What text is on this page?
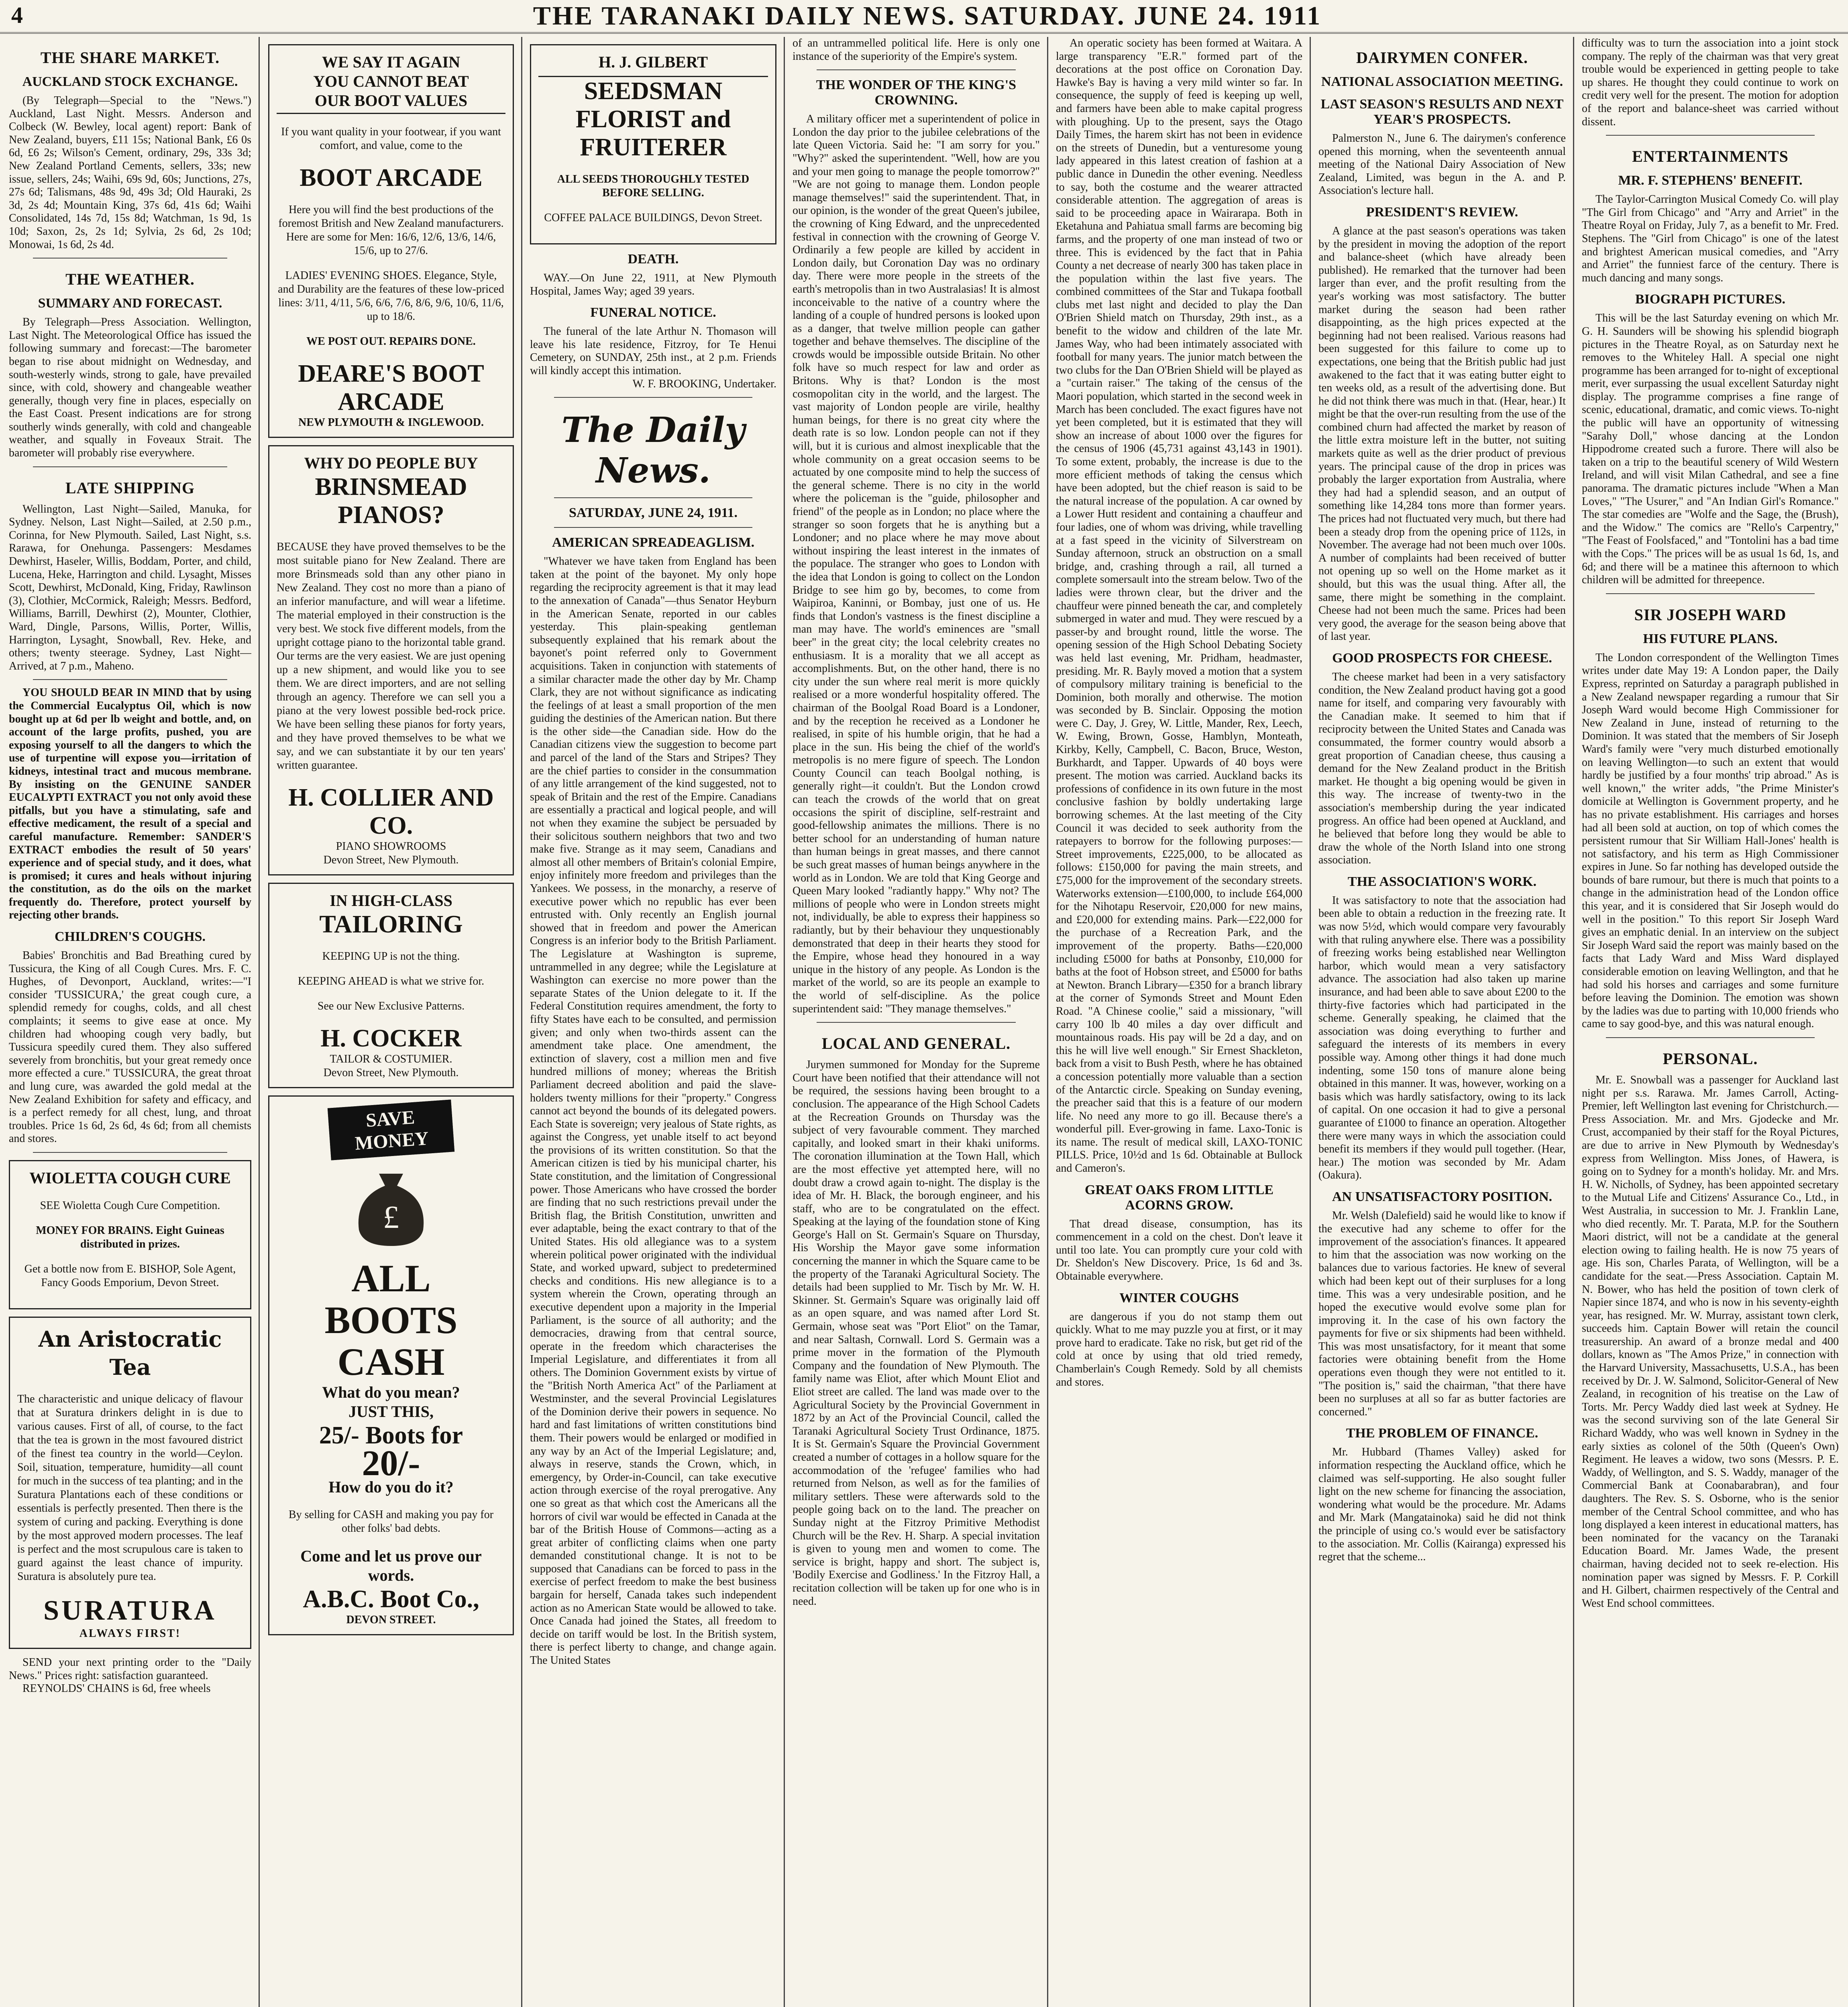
4	THE TARANAKI DAILY NEWS. SATURDAY. JUNE 24. 1911
THE SHARE MARKET.
AUCKLAND STOCK EXCHANGE.

(By Telegraph—Special to the "News.") Auckland, Last Night. Messrs. Anderson and Colbeck (W. Bewley, local agent) report: Bank of New Zealand, buyers, £11 15s; National Bank, £6 0s 6d, £6 2s; Wilson's Cement, ordinary, 29s, 33s 3d; New Zealand Portland Cements, sellers, 33s; new issue, sellers, 24s; Waihi, 69s 9d, 60s; Junctions, 27s, 27s 6d; Talismans, 48s 9d, 49s 3d; Old Hauraki, 2s 3d, 2s 4d; Mountain King, 37s 6d, 41s 6d; Waihi Consolidated, 14s 7d, 15s 8d; Watchman, 1s 9d, 1s 10d; Saxon, 2s, 2s 1d; Sylvia, 2s 6d, 2s 10d; Monowai, 1s 6d, 2s 4d.

THE WEATHER.
SUMMARY AND FORECAST.

By Telegraph—Press Association. Wellington, Last Night. The Meteorological Office has issued the following summary and forecast:—The barometer began to rise about midnight on Wednesday, and south-westerly winds, strong to gale, have prevailed since, with cold, showery and changeable weather generally, though very fine in places, especially on the East Coast. Present indications are for strong southerly winds generally, with cold and changeable weather, and squally in Foveaux Strait. The barometer will probably rise everywhere.

LATE SHIPPING

Wellington, Last Night—Sailed, Manuka, for Sydney. Nelson, Last Night—Sailed, at 2.50 p.m., Corinna, for New Plymouth. Sailed, Last Night, s.s. Rarawa, for Onehunga. Passengers: Mesdames Dewhirst, Haseler, Willis, Boddam, Porter, and child, Lucena, Heke, Harrington and child. Lysaght, Misses Scott, Dewhirst, McDonald, King, Friday, Rawlinson (3), Clothier, McCormick, Raleigh; Messrs. Bedford, Williams, Barrill, Dewhirst (2), Mounter, Clothier, Ward, Dingle, Parsons, Willis, Porter, Willis, Harrington, Lysaght, Snowball, Rev. Heke, and others; twenty steerage. Sydney, Last Night—Arrived, at 7 p.m., Maheno.

YOU SHOULD BEAR IN MIND that by using the Commercial Eucalyptus Oil, which is now bought up at 6d per lb weight and bottle, and, on account of the large profits, pushed, you are exposing yourself to all the dangers to which the use of turpentine will expose you—irritation of kidneys, intestinal tract and mucous membrane. By insisting on the GENUINE SANDER EUCALYPTI EXTRACT you not only avoid these pitfalls, but you have a stimulating, safe and effective medicament, the result of a special and careful manufacture. Remember: SANDER'S EXTRACT embodies the result of 50 years' experience and of special study, and it does, what is promised; it cures and heals without injuring the constitution, as do the oils on the market frequently do. Therefore, protect yourself by rejecting other brands.

CHILDREN'S COUGHS.

Babies' Bronchitis and Bad Breathing cured by Tussicura, the King of all Cough Cures. Mrs. F. C. Hughes, of Devonport, Auckland, writes:—"I consider 'TUSSICURA,' the great cough cure, a splendid remedy for coughs, colds, and all chest complaints; it seems to give ease at once. My children had whooping cough very badly, but Tussicura speedily cured them. They also suffered severely from bronchitis, but your great remedy once more effected a cure." TUSSICURA, the great throat and lung cure, was awarded the gold medal at the New Zealand Exhibition for safety and efficacy, and is a perfect remedy for all chest, lung, and throat troubles. Price 1s 6d, 2s 6d, 4s 6d; from all chemists and stores.

WIOLETTA COUGH CURE

SEE Wioletta Cough Cure Competition.

MONEY FOR BRAINS. Eight Guineas distributed in prizes.

Get a bottle now from E. BISHOP, Sole Agent, Fancy Goods Emporium, Devon Street.

An Aristocratic Tea

The characteristic and unique delicacy of flavour that at Suratura drinkers delight in is due to various causes. First of all, of course, to the fact that the tea is grown in the most favoured district of the finest tea country in the world—Ceylon. Soil, situation, temperature, humidity—all count for much in the success of tea planting; and in the Suratura Plantations each of these conditions or essentials is perfectly presented. Then there is the system of curing and packing. Everything is done by the most approved modern processes. The leaf is perfect and the most scrupulous care is taken to guard against the least chance of impurity. Suratura is absolutely pure tea.

SURATURA
ALWAYS FIRST!

SEND your next printing order to the "Daily News." Prices right: satisfaction guaranteed.

REYNOLDS' CHAINS is 6d, free wheels

WE SAY IT AGAIN
YOU CANNOT BEAT
OUR BOOT VALUES

If you want quality in your footwear, if you want comfort, and value, come to the

BOOT ARCADE

Here you will find the best productions of the foremost British and New Zealand manufacturers. Here are some for Men: 16/6, 12/6, 13/6, 14/6, 15/6, up to 27/6.

LADIES' EVENING SHOES. Elegance, Style, and Durability are the features of these low-priced lines: 3/11, 4/11, 5/6, 6/6, 7/6, 8/6, 9/6, 10/6, 11/6, up to 18/6.

WE POST OUT. REPAIRS DONE.

DEARE'S BOOT ARCADE
NEW PLYMOUTH & INGLEWOOD.
WHY DO PEOPLE BUY
BRINSMEAD PIANOS?

BECAUSE they have proved themselves to be the most suitable piano for New Zealand. There are more Brinsmeads sold than any other piano in New Zealand. They cost no more than a piano of an inferior manufacture, and will wear a lifetime. The material employed in their construction is the very best. We stock five different models, from the upright cottage piano to the horizontal table grand. Our terms are the very easiest. We are just opening up a new shipment, and would like you to see them. We are direct importers, and are not selling through an agency. Therefore we can sell you a piano at the very lowest possible bed-rock price. We have been selling these pianos for forty years, and they have proved themselves to be what we say, and we can substantiate it by our ten years' written guarantee.

H. COLLIER AND CO.
PIANO SHOWROOMS
Devon Street, New Plymouth.
IN HIGH-CLASS
TAILORING

KEEPING UP is not the thing.

KEEPING AHEAD is what we strive for.

See our New Exclusive Patterns.

H. COCKER
TAILOR & COSTUMIER.
Devon Street, New Plymouth.
SAVE MONEY
£
ALL
BOOTS
CASH
What do you mean?
JUST THIS,
25/- Boots for
20/-
How do you do it?

By selling for CASH and making you pay for other folks' bad debts.

Come and let us prove our words.
A.B.C. Boot Co.,
DEVON STREET.
H. J. GILBERT
SEEDSMAN
FLORIST and
FRUITERER

ALL SEEDS THOROUGHLY TESTED BEFORE SELLING.

COFFEE PALACE BUILDINGS, Devon Street.

DEATH.

WAY.—On June 22, 1911, at New Plymouth Hospital, James Way; aged 39 years.

FUNERAL NOTICE.

The funeral of the late Arthur N. Thomason will leave his late residence, Fitzroy, for Te Henui Cemetery, on SUNDAY, 25th inst., at 2 p.m. Friends will kindly accept this intimation.

W. F. BROOKING, Undertaker.

The Daily News.
SATURDAY, JUNE 24, 1911.
AMERICAN SPREADEAGLISM.

"Whatever we have taken from England has been taken at the point of the bayonet. My only hope regarding the reciprocity agreement is that it may lead to the annexation of Canada"—thus Senator Heyburn in the American Senate, reported in our cables yesterday. This plain-speaking gentleman subsequently explained that his remark about the bayonet's point referred only to Government acquisitions. Taken in conjunction with statements of a similar character made the other day by Mr. Champ Clark, they are not without significance as indicating the feelings of at least a small proportion of the men guiding the destinies of the American nation. But there is the other side—the Canadian side. How do the Canadian citizens view the suggestion to become part and parcel of the land of the Stars and Stripes? They are the chief parties to consider in the consummation of any little arrangement of the kind suggested, not to speak of Britain and the rest of the Empire. Canadians are essentially a practical and logical people, and will not when they examine the subject be persuaded by their solicitous southern neighbors that two and two make five. Strange as it may seem, Canadians and almost all other members of Britain's colonial Empire, enjoy infinitely more freedom and privileges than the Yankees. We possess, in the monarchy, a reserve of executive power which no republic has ever been entrusted with. Only recently an English journal showed that in freedom and power the American Congress is an inferior body to the British Parliament. The Legislature at Washington is supreme, untrammelled in any degree; while the Legislature at Washington can exercise no more power than the separate States of the Union delegate to it. If the Federal Constitution requires amendment, the forty to fifty States have each to be consulted, and permission given; and only when two-thirds assent can the amendment take place. One amendment, the extinction of slavery, cost a million men and five hundred millions of money; whereas the British Parliament decreed abolition and paid the slave-holders twenty millions for their "property." Congress cannot act beyond the bounds of its delegated powers. Each State is sovereign; very jealous of State rights, as against the Congress, yet unable itself to act beyond the provisions of its written constitution. So that the American citizen is tied by his municipal charter, his State constitution, and the limitation of Congressional power. Those Americans who have crossed the border are finding that no such restrictions prevail under the British flag, the British Constitution, unwritten and ever adaptable, being the exact contrary to that of the United States. His old allegiance was to a system wherein political power originated with the individual State, and worked upward, subject to predetermined checks and conditions. His new allegiance is to a system wherein the Crown, operating through an executive dependent upon a majority in the Imperial Parliament, is the source of all authority; and the democracies, drawing from that central source, operate in the freedom which characterises the Imperial Legislature, and differentiates it from all others. The Dominion Government exists by virtue of the "British North America Act" of the Parliament at Westminster, and the several Provincial Legislatures of the Dominion derive their powers in sequence. No hard and fast limitations of written constitutions bind them. Their powers would be enlarged or modified in any way by an Act of the Imperial Legislature; and, always in reserve, stands the Crown, which, in emergency, by Order-in-Council, can take executive action through exercise of the royal prerogative. Any one so great as that which cost the Americans all the horrors of civil war would be effected in Canada at the bar of the British House of Commons—acting as a great arbiter of conflicting claims when one party demanded constitutional change. It is not to be supposed that Canadians can be forced to pass in the exercise of perfect freedom to make the best business bargain for herself, Canada takes such independent action as no American State would be allowed to take. Once Canada had joined the States, all freedom to decide on tariff would be lost. In the British system, there is perfect liberty to change, and change again. The United States

of an untrammelled political life. Here is only one instance of the superiority of the Empire's system.

THE WONDER OF THE KING'S CROWNING.

A military officer met a superintendent of police in London the day prior to the jubilee celebrations of the late Queen Victoria. Said he: "I am sorry for you." "Why?" asked the superintendent. "Well, how are you and your men going to manage the people tomorrow?" "We are not going to manage them. London people manage themselves!" said the superintendent. That, in our opinion, is the wonder of the great Queen's jubilee, the crowning of King Edward, and the unprecedented festival in connection with the crowning of George V. Ordinarily a few people are killed by accident in London daily, but Coronation Day was no ordinary day. There were more people in the streets of the earth's metropolis than in two Australasias! It is almost inconceivable to the native of a country where the landing of a couple of hundred persons is looked upon as a danger, that twelve million people can gather together and behave themselves. The discipline of the crowds would be impossible outside Britain. No other folk have so much respect for law and order as Britons. Why is that? London is the most cosmopolitan city in the world, and the largest. The vast majority of London people are virile, healthy human beings, for there is no great city where the death rate is so low. London people can not if they will, but it is curious and almost inexplicable that the whole community on a great occasion seems to be actuated by one composite mind to help the success of the general scheme. There is no city in the world where the policeman is the "guide, philosopher and friend" of the people as in London; no place where the stranger so soon forgets that he is anything but a Londoner; and no place where he may move about without inspiring the least interest in the inmates of the populace. The stranger who goes to London with the idea that London is going to collect on the London Bridge to see him go by, becomes, to come from Waipiroa, Kaninni, or Bombay, just one of us. He finds that London's vastness is the finest discipline a man may have. The world's eminences are "small beer" in the great city; the local celebrity creates no enthusiasm. It is a morality that we all accept as accomplishments. But, on the other hand, there is no city under the sun where real merit is more quickly realised or a more wonderful hospitality offered. The chairman of the Boolgal Road Board is a Londoner, and by the reception he received as a Londoner he realised, in spite of his humble origin, that he had a place in the sun. His being the chief of the world's metropolis is no mere figure of speech. The London County Council can teach Boolgal nothing, is generally right—it couldn't. But the London crowd can teach the crowds of the world that on great occasions the spirit of discipline, self-restraint and good-fellowship animates the millions. There is no better school for an understanding of human nature than human beings in great masses, and there cannot be such great masses of human beings anywhere in the world as in London. We are told that King George and Queen Mary looked "radiantly happy." Why not? The millions of people who were in London streets might not, individually, be able to express their happiness so radiantly, but by their behaviour they unquestionably demonstrated that deep in their hearts they stood for the Empire, whose head they honoured in a way unique in the history of any people. As London is the market of the world, so are its people an example to the world of self-discipline. As the police superintendent said: "They manage themselves."

LOCAL AND GENERAL.

Jurymen summoned for Monday for the Supreme Court have been notified that their attendance will not be required, the sessions having been brought to a conclusion. The appearance of the High School Cadets at the Recreation Grounds on Thursday was the subject of very favourable comment. They marched capitally, and looked smart in their khaki uniforms. The coronation illumination at the Town Hall, which are the most effective yet attempted here, will no doubt draw a crowd again to-night. The display is the idea of Mr. H. Black, the borough engineer, and his staff, who are to be congratulated on the effect. Speaking at the laying of the foundation stone of King George's Hall on St. Germain's Square on Thursday, His Worship the Mayor gave some information concerning the manner in which the Square came to be the property of the Taranaki Agricultural Society. The details had been supplied to Mr. Tisch by Mr. W. H. Skinner. St. Germain's Square was originally laid off as an open square, and was named after Lord St. Germain, whose seat was "Port Eliot" on the Tamar, and near Saltash, Cornwall. Lord S. Germain was a prime mover in the formation of the Plymouth Company and the foundation of New Plymouth. The family name was Eliot, after which Mount Eliot and Eliot street are called. The land was made over to the Agricultural Society by the Provincial Government in 1872 by an Act of the Provincial Council, called the Taranaki Agricultural Society Trust Ordinance, 1875. It is St. Germain's Square the Provincial Government created a number of cottages in a hollow square for the accommodation of the 'refugee' families who had returned from Nelson, as well as for the families of military settlers. These were afterwards sold to the people going back on to the land. The preacher on Sunday night at the Fitzroy Primitive Methodist Church will be the Rev. H. Sharp. A special invitation is given to young men and women to come. The service is bright, happy and short. The subject is, 'Bodily Exercise and Godliness.' In the Fitzroy Hall, a recitation collection will be taken up for one who is in need.

An operatic society has been formed at Waitara. A large transparency "E.R." formed part of the decorations at the post office on Coronation Day. Hawke's Bay is having a very mild winter so far. In consequence, the supply of feed is keeping up well, and farmers have been able to make capital progress with ploughing. Up to the present, says the Otago Daily Times, the harem skirt has not been in evidence on the streets of Dunedin, but a venturesome young lady appeared in this latest creation of fashion at a public dance in Dunedin the other evening. Needless to say, both the costume and the wearer attracted considerable attention. The aggregation of areas is said to be proceeding apace in Wairarapa. Both in Eketahuna and Pahiatua small farms are becoming big farms, and the property of one man instead of two or three. This is evidenced by the fact that in Pahia County a net decrease of nearly 300 has taken place in the population within the last five years. The combined committees of the Star and Tukapa football clubs met last night and decided to play the Dan O'Brien Shield match on Thursday, 29th inst., as a benefit to the widow and children of the late Mr. James Way, who had been intimately associated with football for many years. The junior match between the two clubs for the Dan O'Brien Shield will be played as a "curtain raiser." The taking of the census of the Maori population, which started in the second week in March has been concluded. The exact figures have not yet been completed, but it is estimated that they will show an increase of about 1000 over the figures for the census of 1906 (45,731 against 43,143 in 1901). To some extent, probably, the increase is due to the more efficient methods of taking the census which have been adopted, but the chief reason is said to be the natural increase of the population. A car owned by a Lower Hutt resident and containing a chauffeur and four ladies, one of whom was driving, while travelling at a fast speed in the vicinity of Silverstream on Sunday afternoon, struck an obstruction on a small bridge, and, crashing through a rail, all turned a complete somersault into the stream below. Two of the ladies were thrown clear, but the driver and the chauffeur were pinned beneath the car, and completely submerged in water and mud. They were rescued by a passer-by and brought round, little the worse. The opening session of the High School Debating Society was held last evening, Mr. Pridham, headmaster, presiding. Mr. R. Bayly moved a motion that a system of compulsory military training is beneficial to the Dominion, both morally and otherwise. The motion was seconded by B. Sinclair. Opposing the motion were C. Day, J. Grey, W. Little, Mander, Rex, Leech, W. Ewing, Brown, Gosse, Hamblyn, Monteath, Kirkby, Kelly, Campbell, C. Bacon, Bruce, Weston, Burkhardt, and Tapper. Upwards of 40 boys were present. The motion was carried. Auckland backs its professions of confidence in its own future in the most conclusive fashion by boldly undertaking large borrowing schemes. At the last meeting of the City Council it was decided to seek authority from the ratepayers to borrow for the following purposes:—Street improvements, £225,000, to be allocated as follows: £150,000 for paving the main streets, and £75,000 for the improvement of the secondary streets. Waterworks extension—£100,000, to include £64,000 for the Nihotapu Reservoir, £20,000 for new mains, and £20,000 for extending mains. Park—£22,000 for the purchase of a Recreation Park, and the improvement of the property. Baths—£20,000 including £5000 for baths at Ponsonby, £10,000 for baths at the foot of Hobson street, and £5000 for baths at Newton. Branch Library—£350 for a branch library at the corner of Symonds Street and Mount Eden Road. "A Chinese coolie," said a missionary, "will carry 100 lb 40 miles a day over difficult and mountainous roads. His pay will be 2d a day, and on this he will live well enough." Sir Ernest Shackleton, back from a visit to Bush Pesth, where he has obtained a concession potentially more valuable than a section of the Antarctic circle. Speaking on Sunday evening, the preacher said that this is a feature of our modern life. No need any more to go ill. Because there's a wonderful pill. Ever-growing in fame. Laxo-Tonic is its name. The result of medical skill, LAXO-TONIC PILLS. Price, 10½d and 1s 6d. Obtainable at Bullock and Cameron's.

GREAT OAKS FROM LITTLE ACORNS GROW.

That dread disease, consumption, has its commencement in a cold on the chest. Don't leave it until too late. You can promptly cure your cold with Dr. Sheldon's New Discovery. Price, 1s 6d and 3s. Obtainable everywhere.

WINTER COUGHS

are dangerous if you do not stamp them out quickly. What to me may puzzle you at first, or it may prove hard to eradicate. Take no risk, but get rid of the cold at once by using that old tried remedy, Chamberlain's Cough Remedy. Sold by all chemists and stores.

DAIRYMEN CONFER.
NATIONAL ASSOCIATION MEETING.
LAST SEASON'S RESULTS AND NEXT YEAR'S PROSPECTS.

Palmerston N., June 6. The dairymen's conference opened this morning, when the seventeenth annual meeting of the National Dairy Association of New Zealand, Limited, was begun in the A. and P. Association's lecture hall.

PRESIDENT'S REVIEW.

A glance at the past season's operations was taken by the president in moving the adoption of the report and balance-sheet (which have already been published). He remarked that the turnover had been larger than ever, and the profit resulting from the year's working was most satisfactory. The butter market during the season had been rather disappointing, as the high prices expected at the beginning had not been realised. Various reasons had been suggested for this failure to come up to expectations, one being that the British public had just awakened to the fact that it was eating butter eight to ten weeks old, as a result of the advertising done. But he did not think there was much in that. (Hear, hear.) It might be that the over-run resulting from the use of the combined churn had affected the market by reason of the little extra moisture left in the butter, not suiting markets quite as well as the drier product of previous years. The principal cause of the drop in prices was probably the larger exportation from Australia, where they had had a splendid season, and an output of something like 14,284 tons more than former years. The prices had not fluctuated very much, but there had been a steady drop from the opening price of 112s, in November. The average had not been much over 100s. A number of complaints had been received of butter not opening up so well on the Home market as it should, but this was the usual thing. After all, the same, there might be something in the complaint. Cheese had not been much the same. Prices had been very good, the average for the season being above that of last year.

GOOD PROSPECTS FOR CHEESE.

The cheese market had been in a very satisfactory condition, the New Zealand product having got a good name for itself, and comparing very favourably with the Canadian make. It seemed to him that if reciprocity between the United States and Canada was consummated, the former country would absorb a great proportion of Canadian cheese, thus causing a demand for the New Zealand product in the British market. He thought a big opening would be given in this way. The increase of twenty-two in the association's membership during the year indicated progress. An office had been opened at Auckland, and he believed that before long they would be able to draw the whole of the North Island into one strong association.

THE ASSOCIATION'S WORK.

It was satisfactory to note that the association had been able to obtain a reduction in the freezing rate. It was now 5½d, which would compare very favourably with that ruling anywhere else. There was a possibility of freezing works being established near Wellington harbor, which would mean a very satisfactory advance. The association had also taken up marine insurance, and had been able to save about £200 to the thirty-five factories which had participated in the scheme. Generally speaking, he claimed that the association was doing everything to further and safeguard the interests of its members in every possible way. Among other things it had done much indenting, some 150 tons of manure alone being obtained in this manner. It was, however, working on a basis which was hardly satisfactory, owing to its lack of capital. On one occasion it had to give a personal guarantee of £1000 to finance an operation. Altogether there were many ways in which the association could benefit its members if they would pull together. (Hear, hear.) The motion was seconded by Mr. Adam (Oakura).

AN UNSATISFACTORY POSITION.

Mr. Welsh (Dalefield) said he would like to know if the executive had any scheme to offer for the improvement of the association's finances. It appeared to him that the association was now working on the balances due to various factories. He knew of several which had been kept out of their surpluses for a long time. This was a very undesirable position, and he hoped the executive would evolve some plan for improving it. In the case of his own factory the payments for five or six shipments had been withheld. This was most unsatisfactory, for it meant that some factories were obtaining benefit from the Home operations even though they were not entitled to it. "The position is," said the chairman, "that there have been no surpluses at all so far as butter factories are concerned."

THE PROBLEM OF FINANCE.

Mr. Hubbard (Thames Valley) asked for information respecting the Auckland office, which he claimed was self-supporting. He also sought fuller light on the new scheme for financing the association, wondering what would be the procedure. Mr. Adams and Mr. Mark (Mangatainoka) said he did not think the principle of using co.'s would ever be satisfactory to the association. Mr. Collis (Kairanga) expressed his regret that the scheme...

difficulty was to turn the association into a joint stock company. The reply of the chairman was that very great trouble would be experienced in getting people to take up shares. He thought they could continue to work on credit very well for the present. The motion for adoption of the report and balance-sheet was carried without dissent.

ENTERTAINMENTS
MR. F. STEPHENS' BENEFIT.

The Taylor-Carrington Musical Comedy Co. will play "The Girl from Chicago" and "Arry and Arriet" in the Theatre Royal on Friday, July 7, as a benefit to Mr. Fred. Stephens. The "Girl from Chicago" is one of the latest and brightest American musical comedies, and "Arry and Arriet" the funniest farce of the century. There is much dancing and many songs.

BIOGRAPH PICTURES.

This will be the last Saturday evening on which Mr. G. H. Saunders will be showing his splendid biograph pictures in the Theatre Royal, as on Saturday next he removes to the Whiteley Hall. A special one night programme has been arranged for to-night of exceptional merit, ever surpassing the usual excellent Saturday night display. The programme comprises a fine range of scenic, educational, dramatic, and comic views. To-night the public will have an opportunity of witnessing "Sarahy Doll," whose dancing at the London Hippodrome created such a furore. There will also be taken on a trip to the beautiful scenery of Wild Western Ireland, and will visit Milan Cathedral, and see a fine panorama. The dramatic pictures include "When a Man Loves," "The Usurer," and "An Indian Girl's Romance." The star comedies are "Wolfe and the Sage, the (Brush), and the Widow." The comics are "Rello's Carpentry," "The Feast of Foolsfaced," and "Tontolini has a bad time with the Cops." The prices will be as usual 1s 6d, 1s, and 6d; and there will be a matinee this afternoon to which children will be admitted for threepence.

SIR JOSEPH WARD
HIS FUTURE PLANS.

The London correspondent of the Wellington Times writes under date May 19: A London paper, the Daily Express, reprinted on Saturday a paragraph published in a New Zealand newspaper regarding a rumour that Sir Joseph Ward would become High Commissioner for New Zealand in June, instead of returning to the Dominion. It was stated that the members of Sir Joseph Ward's family were "very much disturbed emotionally on leaving Wellington—to such an extent that would hardly be justified by a four months' trip abroad." As is well known," the writer adds, "the Prime Minister's domicile at Wellington is Government property, and he has no private establishment. His carriages and horses had all been sold at auction, on top of which comes the persistent rumour that Sir William Hall-Jones' health is not satisfactory, and his term as High Commissioner expires in June. So far nothing has developed outside the bounds of bare rumour, but there is much that points to a change in the administration head of the London office this year, and it is considered that Sir Joseph would do well in the position." To this report Sir Joseph Ward gives an emphatic denial. In an interview on the subject Sir Joseph Ward said the report was mainly based on the facts that Lady Ward and Miss Ward displayed considerable emotion on leaving Wellington, and that he had sold his horses and carriages and some furniture before leaving the Dominion. The emotion was shown by the ladies was due to parting with 10,000 friends who came to say good-bye, and this was natural enough.

PERSONAL.

Mr. E. Snowball was a passenger for Auckland last night per s.s. Rarawa. Mr. James Carroll, Acting-Premier, left Wellington last evening for Christchurch.—Press Association. Mr. and Mrs. Gjodecke and Mr. Crust, accompanied by their staff for the Royal Pictures, are due to arrive in New Plymouth by Wednesday's express from Wellington. Miss Jones, of Hawera, is going on to Sydney for a month's holiday. Mr. and Mrs. H. W. Nicholls, of Sydney, has been appointed secretary to the Mutual Life and Citizens' Assurance Co., Ltd., in West Australia, in succession to Mr. J. Franklin Lane, who died recently. Mr. T. Parata, M.P. for the Southern Maori district, will not be a candidate at the general election owing to failing health. He is now 75 years of age. His son, Charles Parata, of Wellington, will be a candidate for the seat.—Press Association. Captain M. N. Bower, who has held the position of town clerk of Napier since 1874, and who is now in his seventy-eighth year, has resigned. Mr. W. Murray, assistant town clerk, succeeds him. Captain Bower will retain the council treasurership. An award of a bronze medal and 400 dollars, known as "The Amos Prize," in connection with the Harvard University, Massachusetts, U.S.A., has been received by Dr. J. W. Salmond, Solicitor-General of New Zealand, in recognition of his treatise on the Law of Torts. Mr. Percy Waddy died last week at Sydney. He was the second surviving son of the late General Sir Richard Waddy, who was well known in Sydney in the early sixties as colonel of the 50th (Queen's Own) Regiment. He leaves a widow, two sons (Messrs. P. E. Waddy, of Wellington, and S. S. Waddy, manager of the Commercial Bank at Coonabarabran), and four daughters. The Rev. S. S. Osborne, who is the senior member of the Central School committee, and who has long displayed a keen interest in educational matters, has been nominated for the vacancy on the Taranaki Education Board. Mr. James Wade, the present chairman, having decided not to seek re-election. His nomination paper was signed by Messrs. F. P. Corkill and H. Gilbert, chairmen respectively of the Central and West End school committees.
